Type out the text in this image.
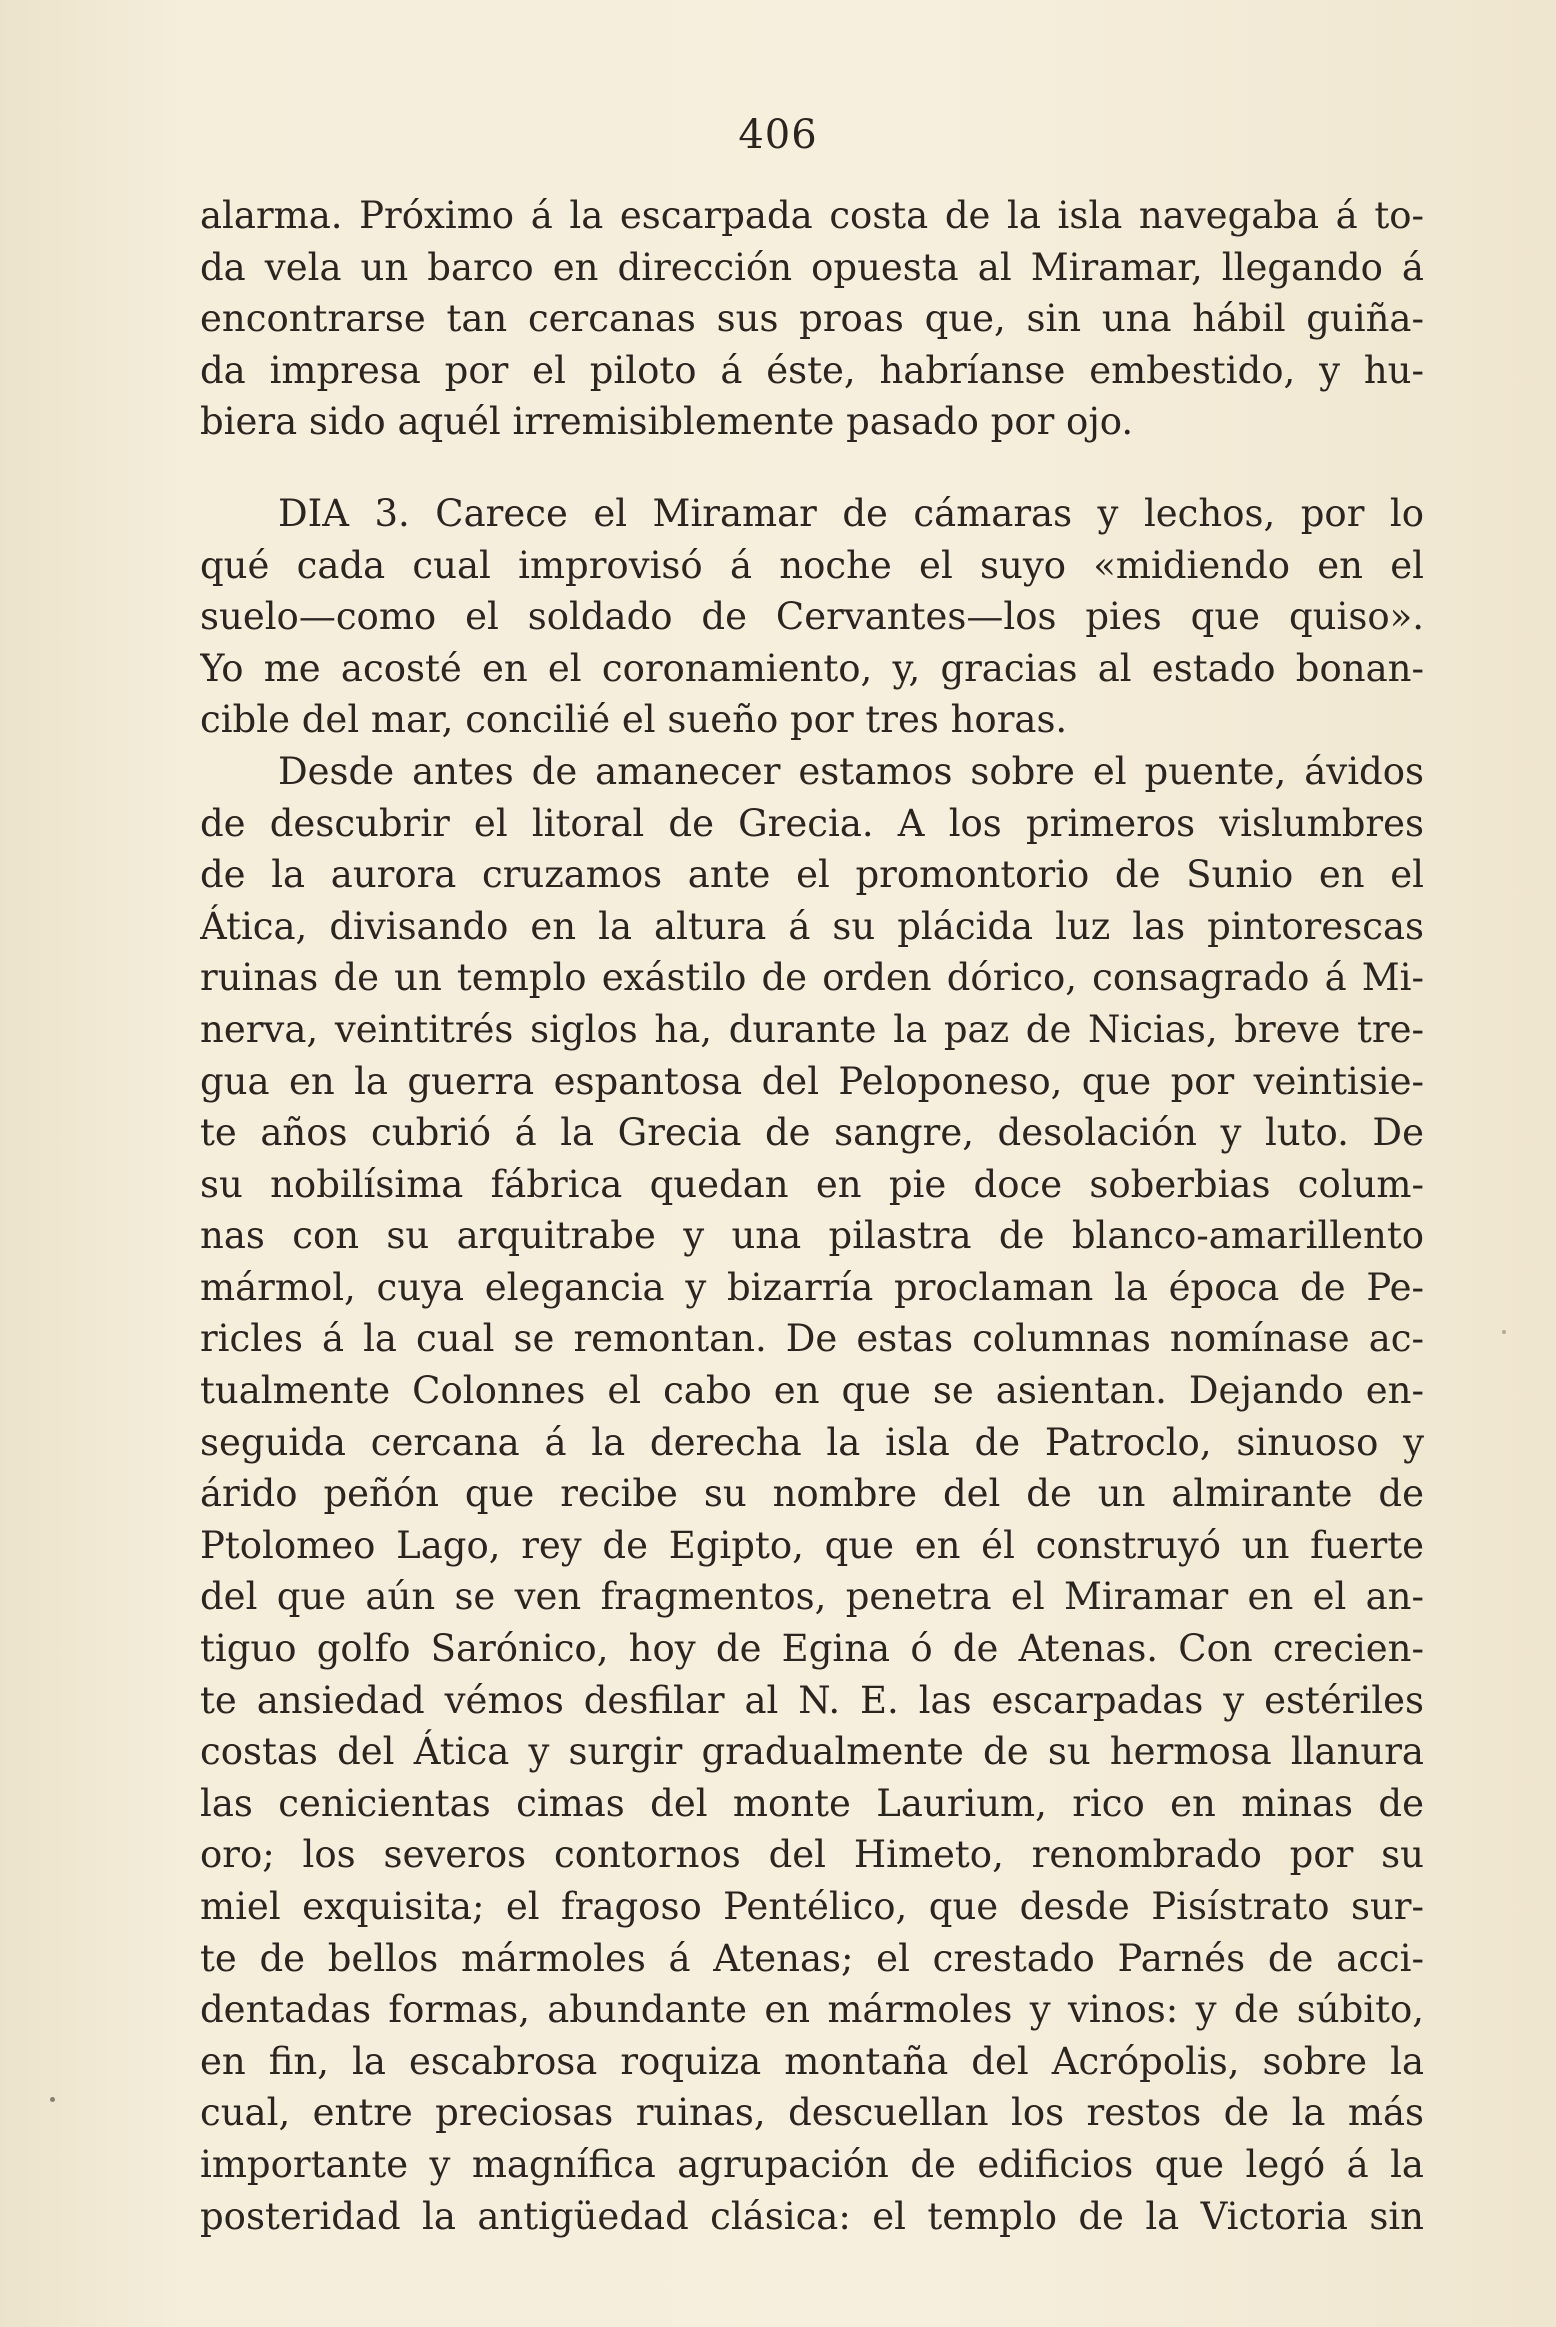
406
alarma. Próximo á la escarpada costa de la isla navegaba á to-
da vela un barco en dirección opuesta al Miramar, llegando á
encontrarse tan cercanas sus proas que, sin una hábil guiña-
da impresa por el piloto á éste, habríanse embestido, y hu-
biera sido aquél irremisiblemente pasado por ojo.
DIA 3. Carece el Miramar de cámaras y lechos, por lo
qué cada cual improvisó á noche el suyo «midiendo en el
suelo—como el soldado de Cervantes—los pies que quiso».
Yo me acosté en el coronamiento, y, gracias al estado bonan-
cible del mar, concilié el sueño por tres horas.
Desde antes de amanecer estamos sobre el puente, ávidos
de descubrir el litoral de Grecia. A los primeros vislumbres
de la aurora cruzamos ante el promontorio de Sunio en el
Ática, divisando en la altura á su plácida luz las pintorescas
ruinas de un templo exástilo de orden dórico, consagrado á Mi-
nerva, veintitrés siglos ha, durante la paz de Nicias, breve tre-
gua en la guerra espantosa del Peloponeso, que por veintisie-
te años cubrió á la Grecia de sangre, desolación y luto. De
su nobilísima fábrica quedan en pie doce soberbias colum-
nas con su arquitrabe y una pilastra de blanco-amarillento
mármol, cuya elegancia y bizarría proclaman la época de Pe-
ricles á la cual se remontan. De estas columnas nomínase ac-
tualmente Colonnes el cabo en que se asientan. Dejando en-
seguida cercana á la derecha la isla de Patroclo, sinuoso y
árido peñón que recibe su nombre del de un almirante de
Ptolomeo Lago, rey de Egipto, que en él construyó un fuerte
del que aún se ven fragmentos, penetra el Miramar en el an-
tiguo golfo Sarónico, hoy de Egina ó de Atenas. Con crecien-
te ansiedad vémos desfilar al N. E. las escarpadas y estériles
costas del Ática y surgir gradualmente de su hermosa llanura
las cenicientas cimas del monte Laurium, rico en minas de
oro; los severos contornos del Himeto, renombrado por su
miel exquisita; el fragoso Pentélico, que desde Pisístrato sur-
te de bellos mármoles á Atenas; el crestado Parnés de acci-
dentadas formas, abundante en mármoles y vinos: y de súbito,
en fin, la escabrosa roquiza montaña del Acrópolis, sobre la
cual, entre preciosas ruinas, descuellan los restos de la más
importante y magnífica agrupación de edificios que legó á la
posteridad la antigüedad clásica: el templo de la Victoria sin
